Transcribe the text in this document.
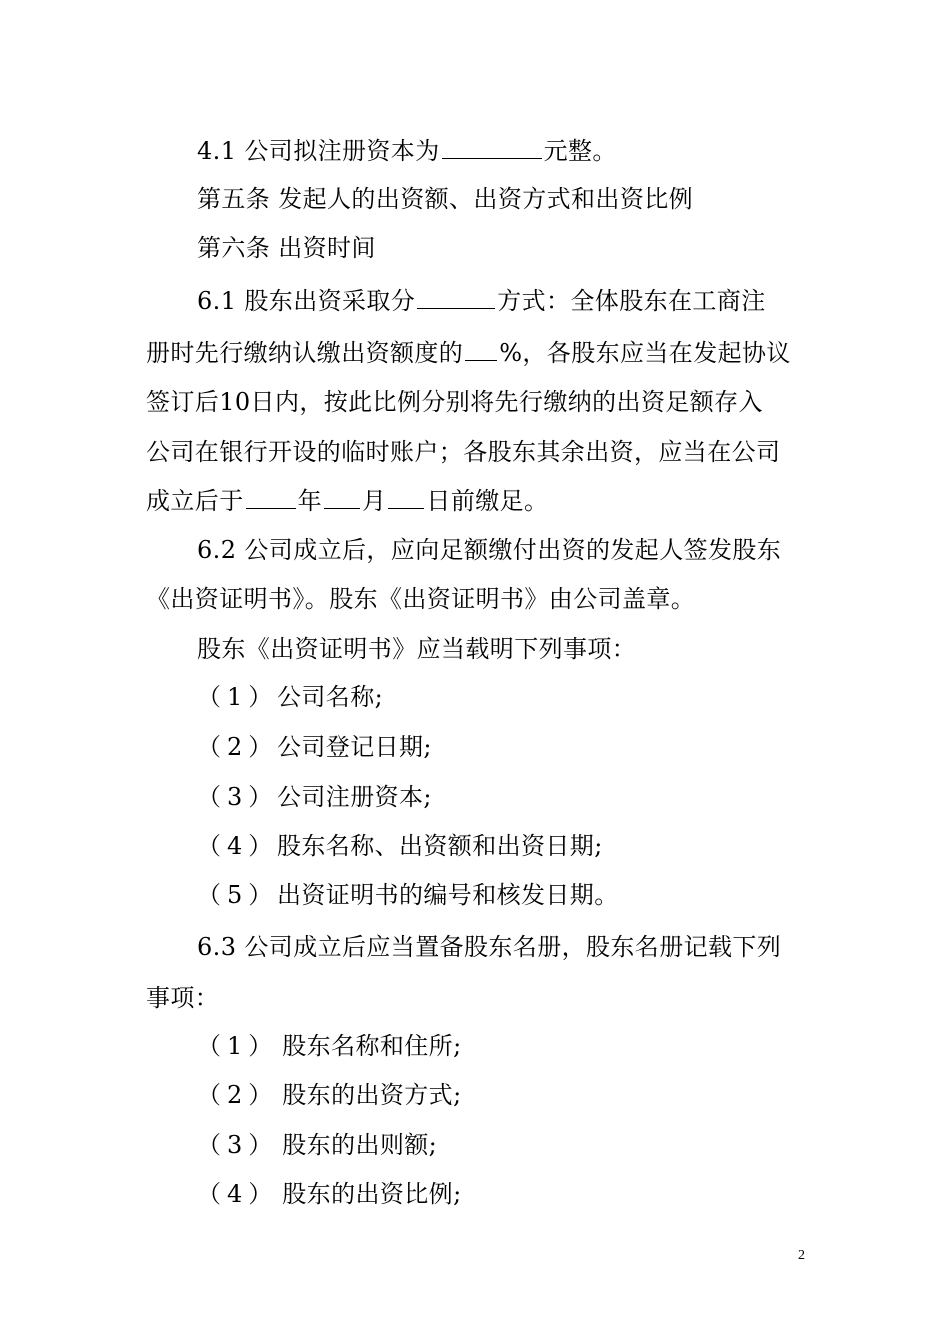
4.1 公司拟注册资本为	元整。
第五条 发起人的出资额、出资方式和出资比例
第六条 出资时间
6.1 股东出资采取分	方式：全体股东在工商注
册时先行缴纳认缴出资额度的 %，各股东应当在发起协议
签订后10日内，按此比例分别将先行缴纳的出资足额存入
公司在银行开设的临时账户；各股东其余出资，应当在公司
成立后于 年 月 日前缴足。
6.2 公司成立后，应向足额缴付出资的发起人签发股东
《出资证明书》。股东《出资证明书》由公司盖章。
股东《出资证明书》应当载明下列事项：
（1）公司名称;
（2）公司登记日期;
（3）公司注册资本;
（4）股东名称、出资额和出资日期;
（5）出资证明书的编号和核发日期。
6.3 公司成立后应当置备股东名册，股东名册记载下列
事项：
（1） 股东名称和住所;
（2） 股东的出资方式;
（3） 股东的出则额;
（4） 股东的出资比例;
2
